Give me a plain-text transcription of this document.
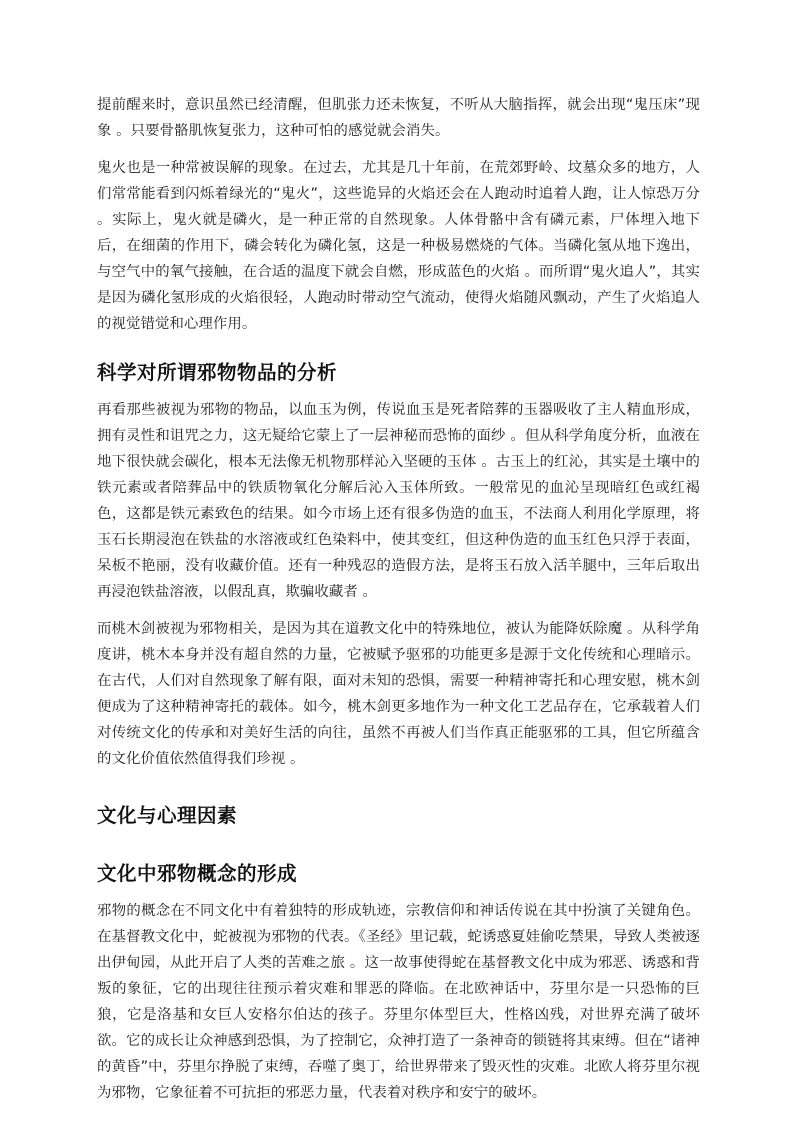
提前醒来时，意识虽然已经清醒，但肌张力还未恢复，不听从大脑指挥，就会出现“鬼压床”现象 。只要骨骼肌恢复张力，这种可怕的感觉就会消失。

鬼火也是一种常被误解的现象。在过去，尤其是几十年前，在荒郊野岭、坟墓众多的地方，人们常常能看到闪烁着绿光的“鬼火”，这些诡异的火焰还会在人跑动时追着人跑，让人惊恐万分 。实际上，鬼火就是磷火，是一种正常的自然现象。人体骨骼中含有磷元素，尸体埋入地下后，在细菌的作用下，磷会转化为磷化氢，这是一种极易燃烧的气体。当磷化氢从地下逸出，与空气中的氧气接触，在合适的温度下就会自燃，形成蓝色的火焰 。而所谓“鬼火追人”，其实是因为磷化氢形成的火焰很轻，人跑动时带动空气流动，使得火焰随风飘动，产生了火焰追人的视觉错觉和心理作用。

科学对所谓邪物物品的分析

再看那些被视为邪物的物品，以血玉为例，传说血玉是死者陪葬的玉器吸收了主人精血形成，拥有灵性和诅咒之力，这无疑给它蒙上了一层神秘而恐怖的面纱 。但从科学角度分析，血液在地下很快就会碳化，根本无法像无机物那样沁入坚硬的玉体 。古玉上的红沁，其实是土壤中的铁元素或者陪葬品中的铁质物氧化分解后沁入玉体所致。一般常见的血沁呈现暗红色或红褐色，这都是铁元素致色的结果。如今市场上还有很多伪造的血玉，不法商人利用化学原理，将玉石长期浸泡在铁盐的水溶液或红色染料中，使其变红，但这种伪造的血玉红色只浮于表面，呆板不艳丽，没有收藏价值。还有一种残忍的造假方法，是将玉石放入活羊腿中，三年后取出再浸泡铁盐溶液，以假乱真，欺骗收藏者 。

而桃木剑被视为邪物相关，是因为其在道教文化中的特殊地位，被认为能降妖除魔 。从科学角度讲，桃木本身并没有超自然的力量，它被赋予驱邪的功能更多是源于文化传统和心理暗示。在古代，人们对自然现象了解有限，面对未知的恐惧，需要一种精神寄托和心理安慰，桃木剑便成为了这种精神寄托的载体。如今，桃木剑更多地作为一种文化工艺品存在，它承载着人们对传统文化的传承和对美好生活的向往，虽然不再被人们当作真正能驱邪的工具，但它所蕴含的文化价值依然值得我们珍视 。

文化与心理因素
文化中邪物概念的形成

邪物的概念在不同文化中有着独特的形成轨迹，宗教信仰和神话传说在其中扮演了关键角色。在基督教文化中，蛇被视为邪物的代表。《圣经》里记载，蛇诱惑夏娃偷吃禁果，导致人类被逐出伊甸园，从此开启了人类的苦难之旅 。这一故事使得蛇在基督教文化中成为邪恶、诱惑和背叛的象征，它的出现往往预示着灾难和罪恶的降临。在北欧神话中，芬里尔是一只恐怖的巨狼，它是洛基和女巨人安格尔伯达的孩子。芬里尔体型巨大，性格凶残，对世界充满了破坏欲。它的成长让众神感到恐惧，为了控制它，众神打造了一条神奇的锁链将其束缚。但在“诸神的黄昏”中，芬里尔挣脱了束缚，吞噬了奥丁，给世界带来了毁灭性的灾难。北欧人将芬里尔视为邪物，它象征着不可抗拒的邪恶力量，代表着对秩序和安宁的破坏。
